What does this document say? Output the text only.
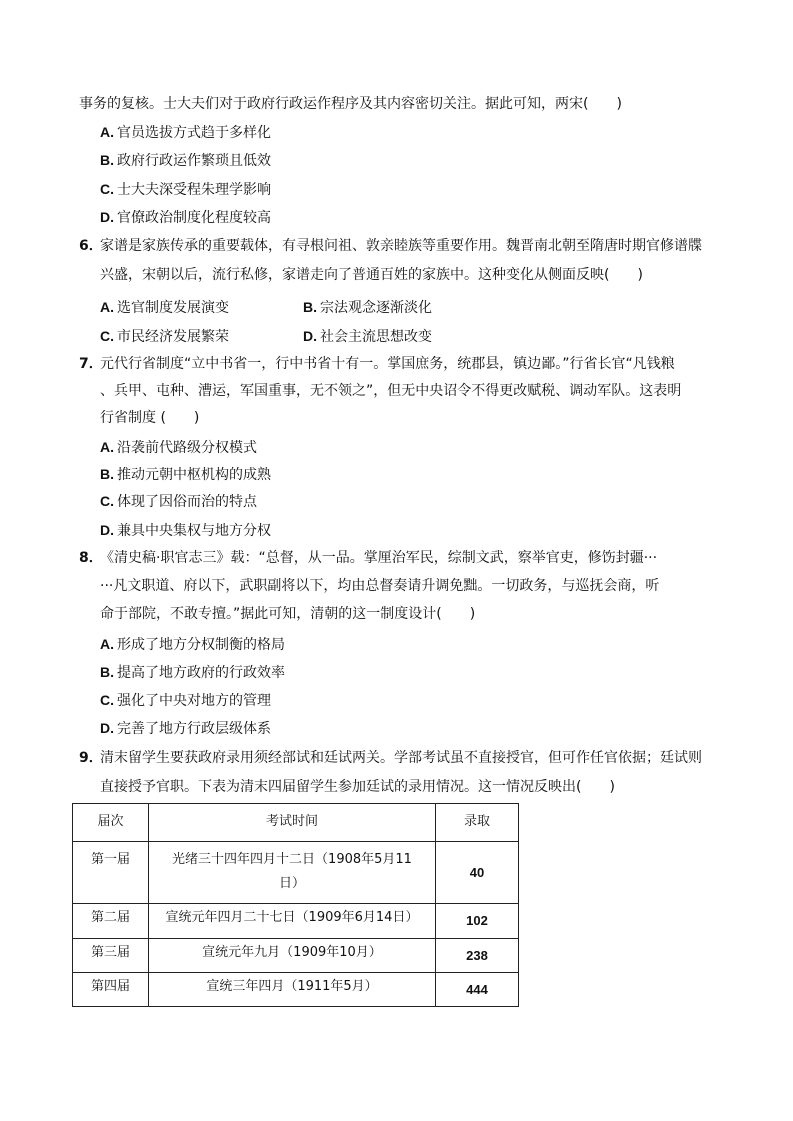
事务的复核。士大夫们对于政府行政运作程序及其内容密切关注。据此可知，两宋(　　)
A. 官员选拔方式趋于多样化
B. 政府行政运作繁琐且低效
C. 士大夫深受程朱理学影响
D. 官僚政治制度化程度较高
6．
家谱是家族传承的重要载体，有寻根问祖、敦亲睦族等重要作用。魏晋南北朝至隋唐时期官修谱牒
兴盛，宋朝以后，流行私修，家谱走向了普通百姓的家族中。这种变化从侧面反映(　　)
A. 选官制度发展演变	B. 宗法观念逐渐淡化
C. 市民经济发展繁荣	D. 社会主流思想改变
7．
元代行省制度“立中书省一，行中书省十有一。掌国庶务，统郡县，镇边鄙。”行省长官“凡钱粮
、兵甲、屯种、漕运，军国重事，无不领之”，但无中央诏令不得更改赋税、调动军队。这表明
行省制度 (　　)
A. 沿袭前代路级分权模式
B. 推动元朝中枢机构的成熟
C. 体现了因俗而治的特点
D. 兼具中央集权与地方分权
8．
《清史稿·职官志三》载：“总督，从一品。掌厘治军民，综制文武，察举官吏，修饬封疆···
···凡文职道、府以下，武职副将以下，均由总督奏请升调免黜。一切政务，与巡抚会商，听
命于部院，不敢专擅。”据此可知，清朝的这一制度设计(　　)
A. 形成了地方分权制衡的格局
B. 提高了地方政府的行政效率
C. 强化了中央对地方的管理
D. 完善了地方行政层级体系
9．
清末留学生要获政府录用须经部试和廷试两关。学部考试虽不直接授官，但可作任官依据；廷试则
直接授予官职。下表为清末四届留学生参加廷试的录用情况。这一情况反映出(　　)
届次	考试时间	录取
第一届	光绪三十四年四月十二日（1908年5月11
日）	40
第二届	宣统元年四月二十七日（1909年6月14日）	102
第三届	宣统元年九月（1909年10月）	238
第四届	宣统三年四月（1911年5月）	444
